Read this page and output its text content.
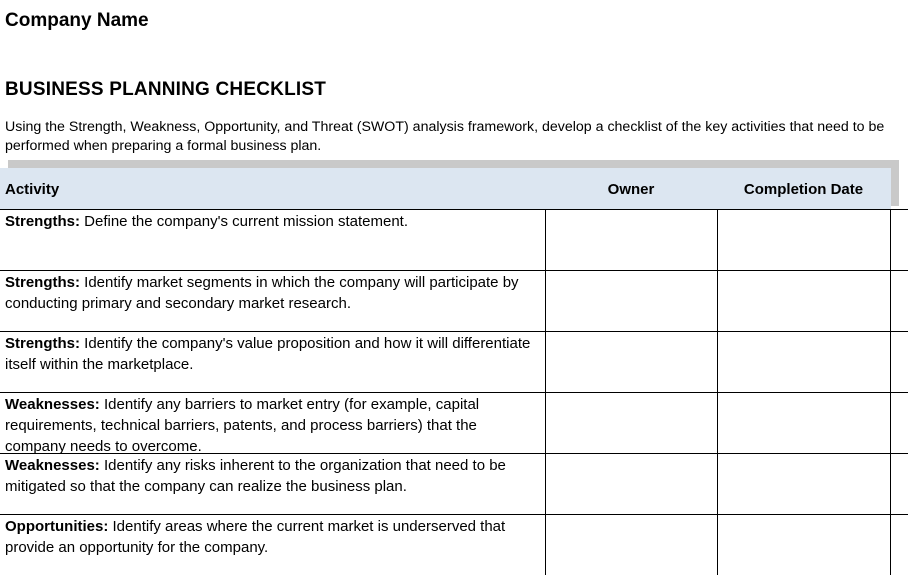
Company Name
BUSINESS PLANNING CHECKLIST

Using the Strength, Weakness, Opportunity, and Threat (SWOT) analysis framework, develop a checklist of the key activities that need to be performed when preparing a formal business plan.

Activity	Owner	Completion Date
Strengths: Define the company's current mission statement.
Strengths: Identify market segments in which the company will participate by conducting primary and secondary market research.
Strengths: Identify the company's value proposition and how it will differentiate itself within the marketplace.
Weaknesses: Identify any barriers to market entry (for example, capital requirements, technical barriers, patents, and process barriers) that the company needs to overcome.
Weaknesses: Identify any risks inherent to the organization that need to be mitigated so that the company can realize the business plan.
Opportunities: Identify areas where the current market is underserved that provide an opportunity for the company.
